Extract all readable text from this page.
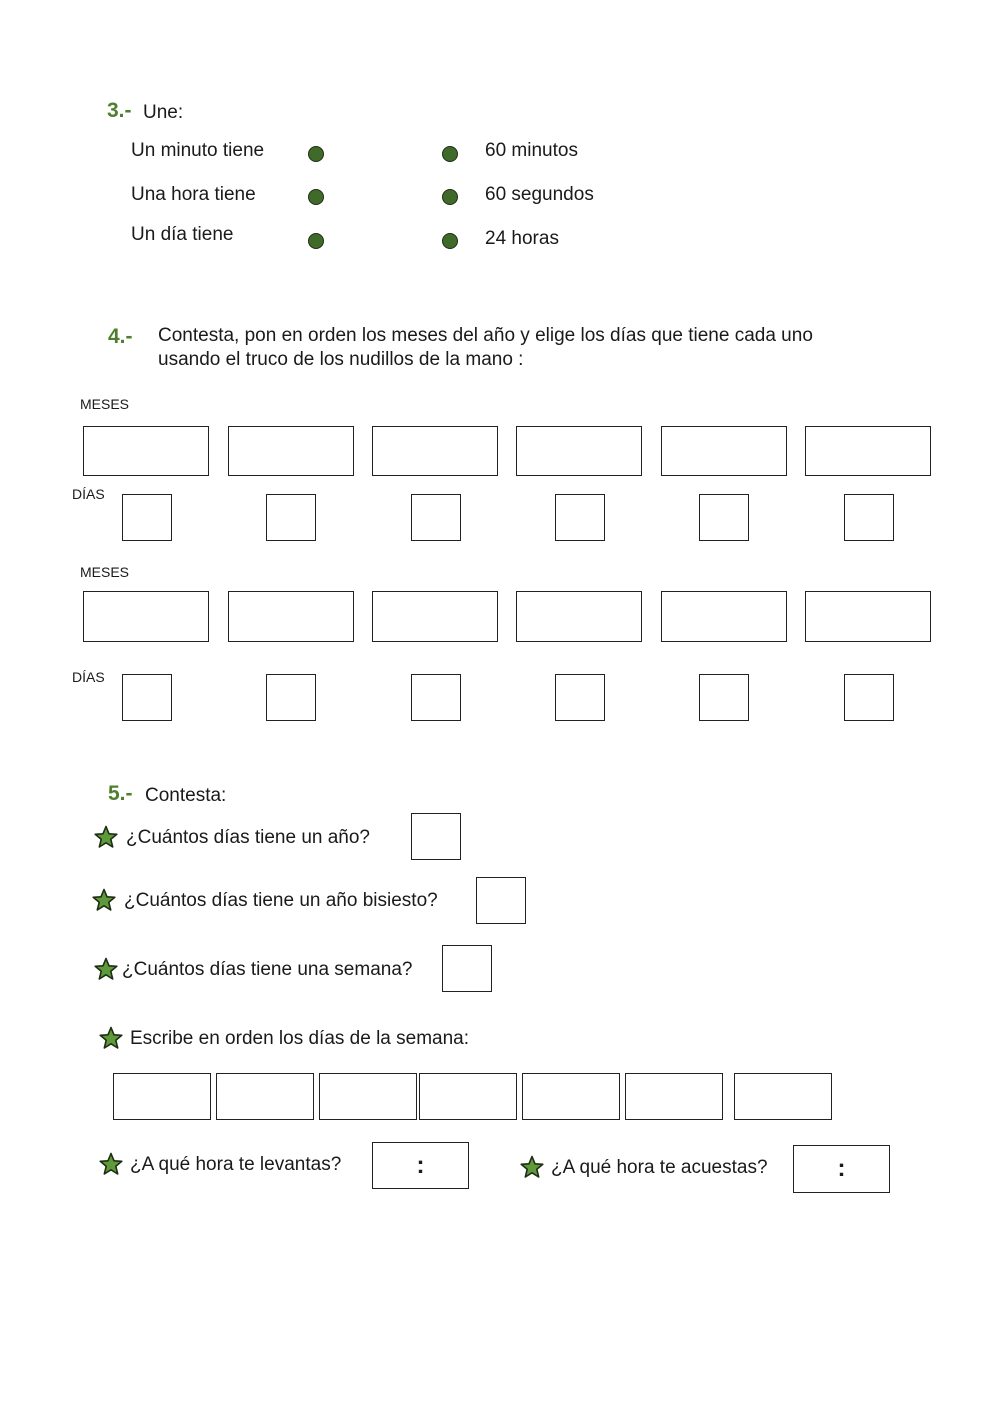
3.- Une:
Un minuto tiene
Una hora tiene
Un día tiene
60 minutos
60 segundos
24 horas
4.- Contesta, pon en orden los meses del año y elige los días que tiene cada uno
usando el truco de los nudillos de la mano :
MESES
DÍAS
MESES
DÍAS
5.- Contesta:
¿Cuántos días tiene un año?
¿Cuántos días tiene un año bisiesto?
¿Cuántos días tiene una semana?
Escribe en orden los días de la semana:
¿A qué hora te levantas?	:	¿A qué hora te acuestas?	:
